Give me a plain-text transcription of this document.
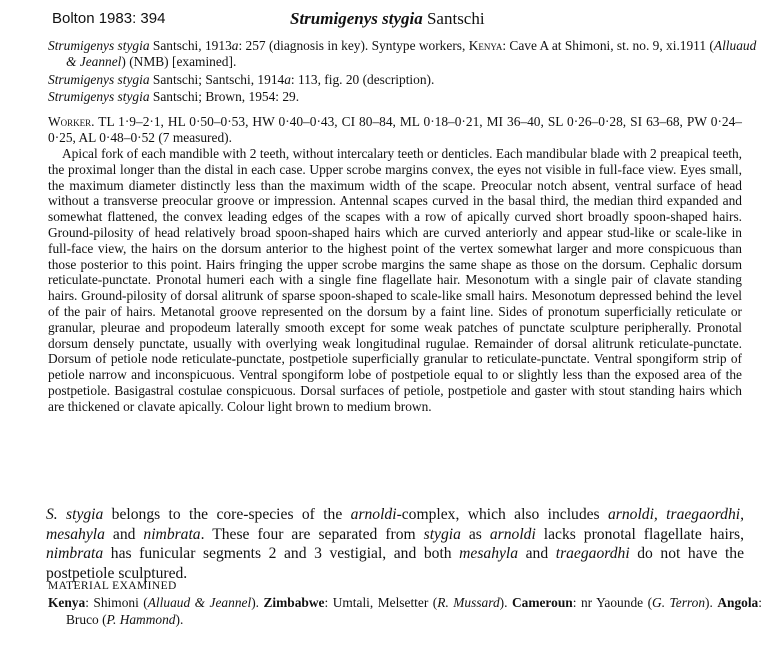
Bolton 1983: 394	Strumigenys stygia Santschi
Strumigenys stygia Santschi, 1913a: 257 (diagnosis in key). Syntype workers, Kenya: Cave A at Shimoni, st. no. 9, xi.1911 (Alluaud & Jeannel) (NMB) [examined].
Strumigenys stygia Santschi; Santschi, 1914a: 113, fig. 20 (description).
Strumigenys stygia Santschi; Brown, 1954: 29.
Worker. TL 1·9–2·1, HL 0·50–0·53, HW 0·40–0·43, CI 80–84, ML 0·18–0·21, MI 36–40, SL 0·26–0·28, SI 63–68, PW 0·24–0·25, AL 0·48–0·52 (7 measured).
Apical fork of each mandible with 2 teeth, without intercalary teeth or denticles. Each mandibular blade with 2 preapical teeth, the proximal longer than the distal in each case. Upper scrobe margins convex, the eyes not visible in full-face view. Eyes small, the maximum diameter distinctly less than the maximum width of the scape. Preocular notch absent, ventral surface of head without a transverse preocular groove or impression. Antennal scapes curved in the basal third, the median third expanded and somewhat flattened, the convex leading edges of the scapes with a row of apically curved short broadly spoon-shaped hairs. Ground-pilosity of head relatively broad spoon-shaped hairs which are curved anteriorly and appear stud-like or scale-like in full-face view, the hairs on the dorsum anterior to the highest point of the vertex somewhat larger and more conspicuous than those posterior to this point. Hairs fringing the upper scrobe margins the same shape as those on the dorsum. Cephalic dorsum reticulate-punctate. Pronotal humeri each with a single fine flagellate hair. Mesonotum with a single pair of clavate standing hairs. Ground-pilosity of dorsal alitrunk of sparse spoon-shaped to scale-like small hairs. Mesonotum depressed behind the level of the pair of hairs. Metanotal groove represented on the dorsum by a faint line. Sides of pronotum superficially reticulate or granular, pleurae and propodeum laterally smooth except for some weak patches of punctate sculpture peripherally. Pronotal dorsum densely punctate, usually with overlying weak longitudinal rugulae. Remainder of dorsal alitrunk reticulate-punctate. Dorsum of petiole node reticulate-punctate, postpetiole superficially granular to reticulate-punctate. Ventral spongiform strip of petiole narrow and inconspicuous. Ventral spongiform lobe of postpetiole equal to or slightly less than the exposed area of the postpetiole. Basigastral costulae conspicuous. Dorsal surfaces of petiole, postpetiole and gaster with stout standing hairs which are thickened or clavate apically. Colour light brown to medium brown.
S. stygia belongs to the core-species of the arnoldi-complex, which also includes arnoldi, traegaordhi, mesahyla and nimbrata. These four are separated from stygia as arnoldi lacks pronotal flagellate hairs, nimbrata has funicular segments 2 and 3 vestigial, and both mesahyla and traegaordhi do not have the postpetiole sculptured.
MATERIAL EXAMINED
Kenya: Shimoni (Alluaud & Jeannel). Zimbabwe: Umtali, Melsetter (R. Mussard). Cameroun: nr Yaounde (G. Terron). Angola: Bruco (P. Hammond).
